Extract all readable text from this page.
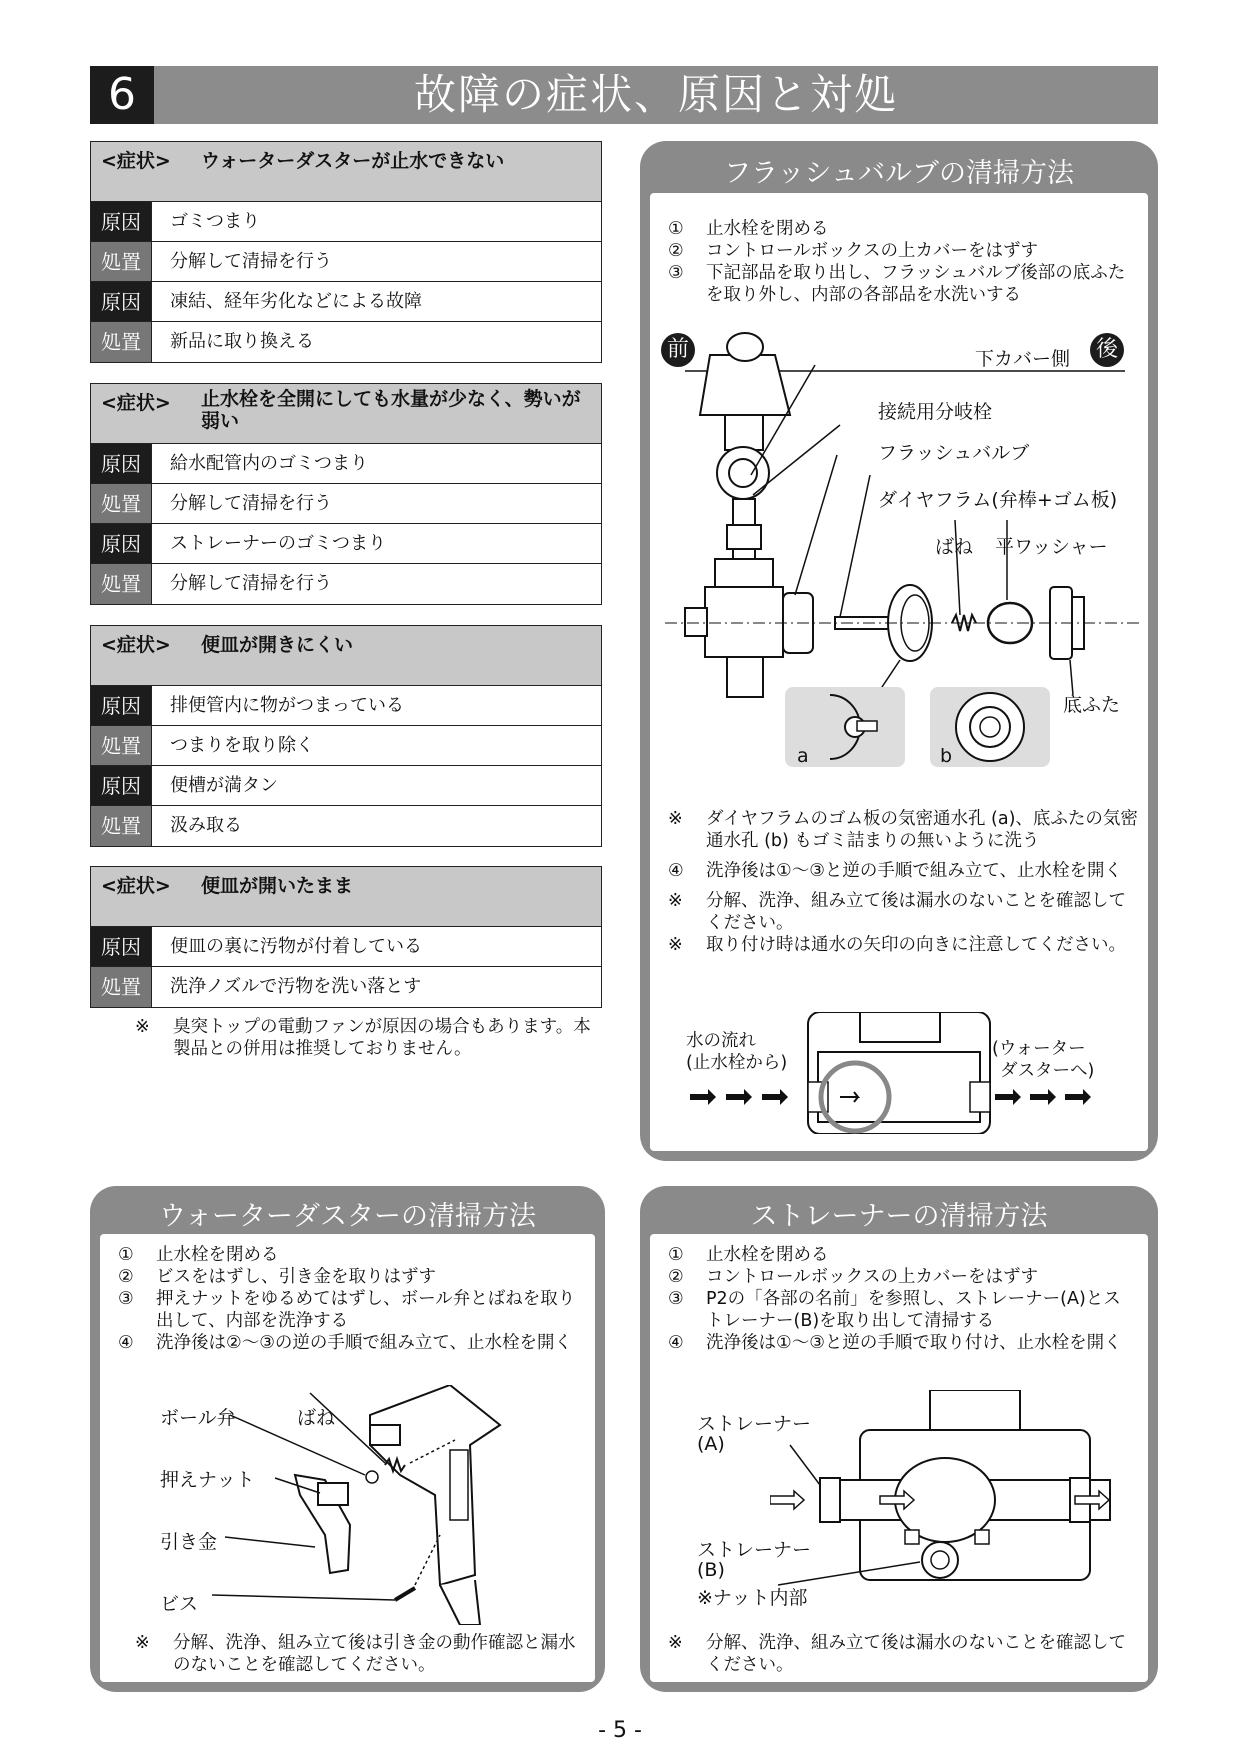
6	故障の症状、原因と対処
<症状>	ウォーターダスターが止水できない
原因	ゴミつまり
処置	分解して清掃を行う
原因	凍結、経年劣化などによる故障
処置	新品に取り換える
<症状>	止水栓を全開にしても水量が少なく、勢いが弱い
原因	給水配管内のゴミつまり
処置	分解して清掃を行う
原因	ストレーナーのゴミつまり
処置	分解して清掃を行う
<症状>	便皿が開きにくい
原因	排便管内に物がつまっている
処置	つまりを取り除く
原因	便槽が満タン
処置	汲み取る
<症状>	便皿が開いたまま
原因	便皿の裏に汚物が付着している
処置	洗浄ノズルで汚物を洗い落とす
※	臭突トップの電動ファンが原因の場合もあります。本製品との併用は推奨しておりません。
フラッシュバルブの清掃方法
①	止水栓を閉める
②	コントロールボックスの上カバーをはずす
③	下記部品を取り出し、フラッシュバルブ後部の底ふたを取り外し、内部の各部品を水洗いする
前	後
下カバー側
接続用分岐栓
フラッシュバルブ
ダイヤフラム(弁棒+ゴム板)
ばね 平ワッシャー
底ふた
a	b
※	ダイヤフラムのゴム板の気密通水孔 (a)、底ふたの気密通水孔 (b) もゴミ詰まりの無いように洗う
④	洗浄後は①〜③と逆の手順で組み立て、止水栓を開く
※	分解、洗浄、組み立て後は漏水のないことを確認してください。
※	取り付け時は通水の矢印の向きに注意してください。
水の流れ
(止水栓から)
(ウォーター
ダスターへ)
ウォーターダスターの清掃方法
①	止水栓を閉める
②	ビスをはずし、引き金を取りはずす
③	押えナットをゆるめてはずし、ボール弁とばねを取り出して、内部を洗浄する
④	洗浄後は②〜③の逆の手順で組み立て、止水栓を開く
ボール弁	ばね
押えナット
引き金
ビス
※	分解、洗浄、組み立て後は引き金の動作確認と漏水のないことを確認してください。
ストレーナーの清掃方法
①	止水栓を閉める
②	コントロールボックスの上カバーをはずす
③	P2の「各部の名前」を参照し、ストレーナー(A)とストレーナー(B)を取り出して清掃する
④	洗浄後は①〜③と逆の手順で取り付け、止水栓を開く
ストレーナー
(A)
ストレーナー
(B)
※ナット内部
※	分解、洗浄、組み立て後は漏水のないことを確認してください。
- 5 -
